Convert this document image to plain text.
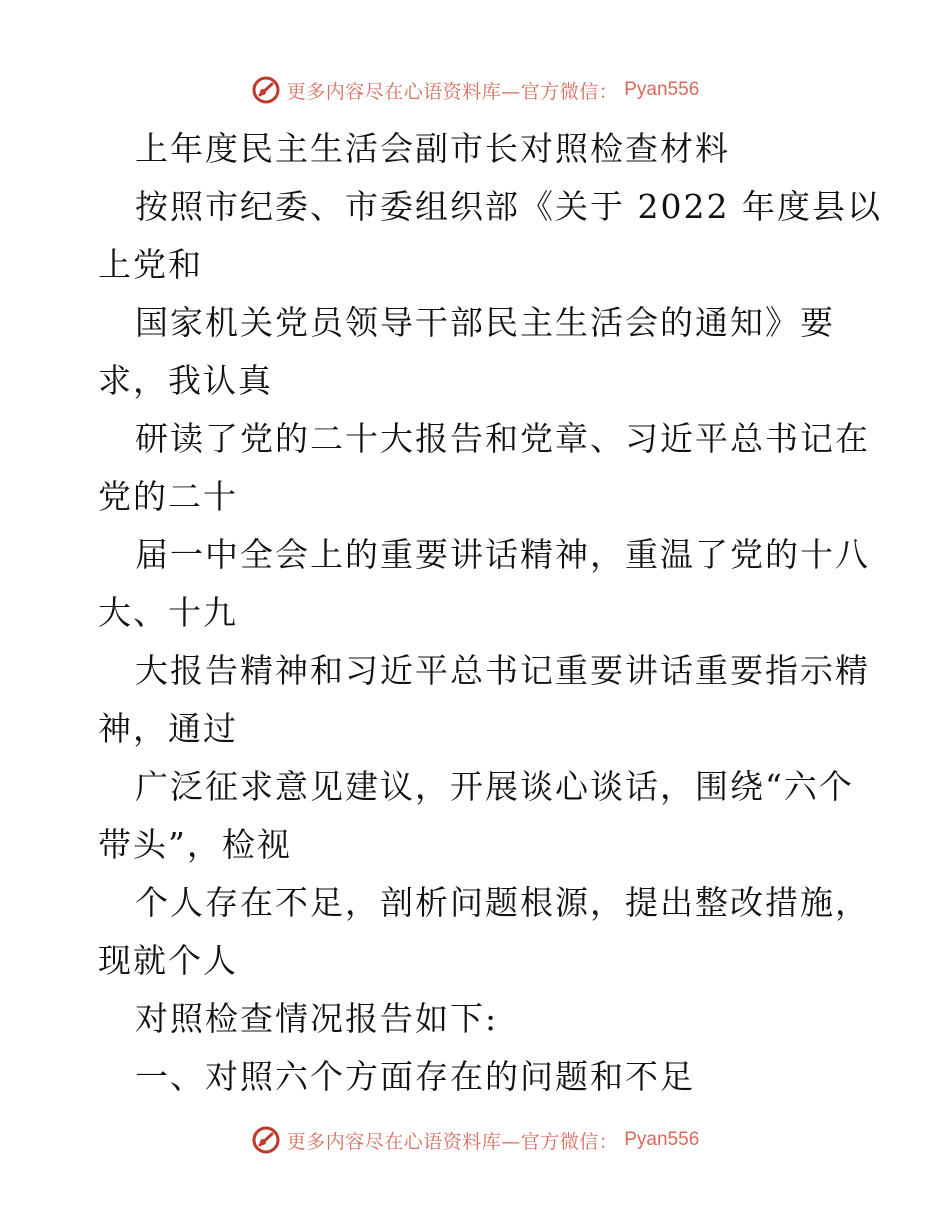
更多内容尽在心语资料库—官方微信： Pyan556
上年度民主生活会副市长对照检查材料
按照市纪委、市委组织部《关于 2022 年度县以
上党和
国家机关党员领导干部民主生活会的通知》要
求，我认真
研读了党的二十大报告和党章、习近平总书记在
党的二十
届一中全会上的重要讲话精神，重温了党的十八
大、十九
大报告精神和习近平总书记重要讲话重要指示精
神，通过
广泛征求意见建议，开展谈心谈话，围绕“六个
带头”，检视
个人存在不足，剖析问题根源，提出整改措施，
现就个人
对照检查情况报告如下:
一、对照六个方面存在的问题和不足
更多内容尽在心语资料库—官方微信： Pyan556
